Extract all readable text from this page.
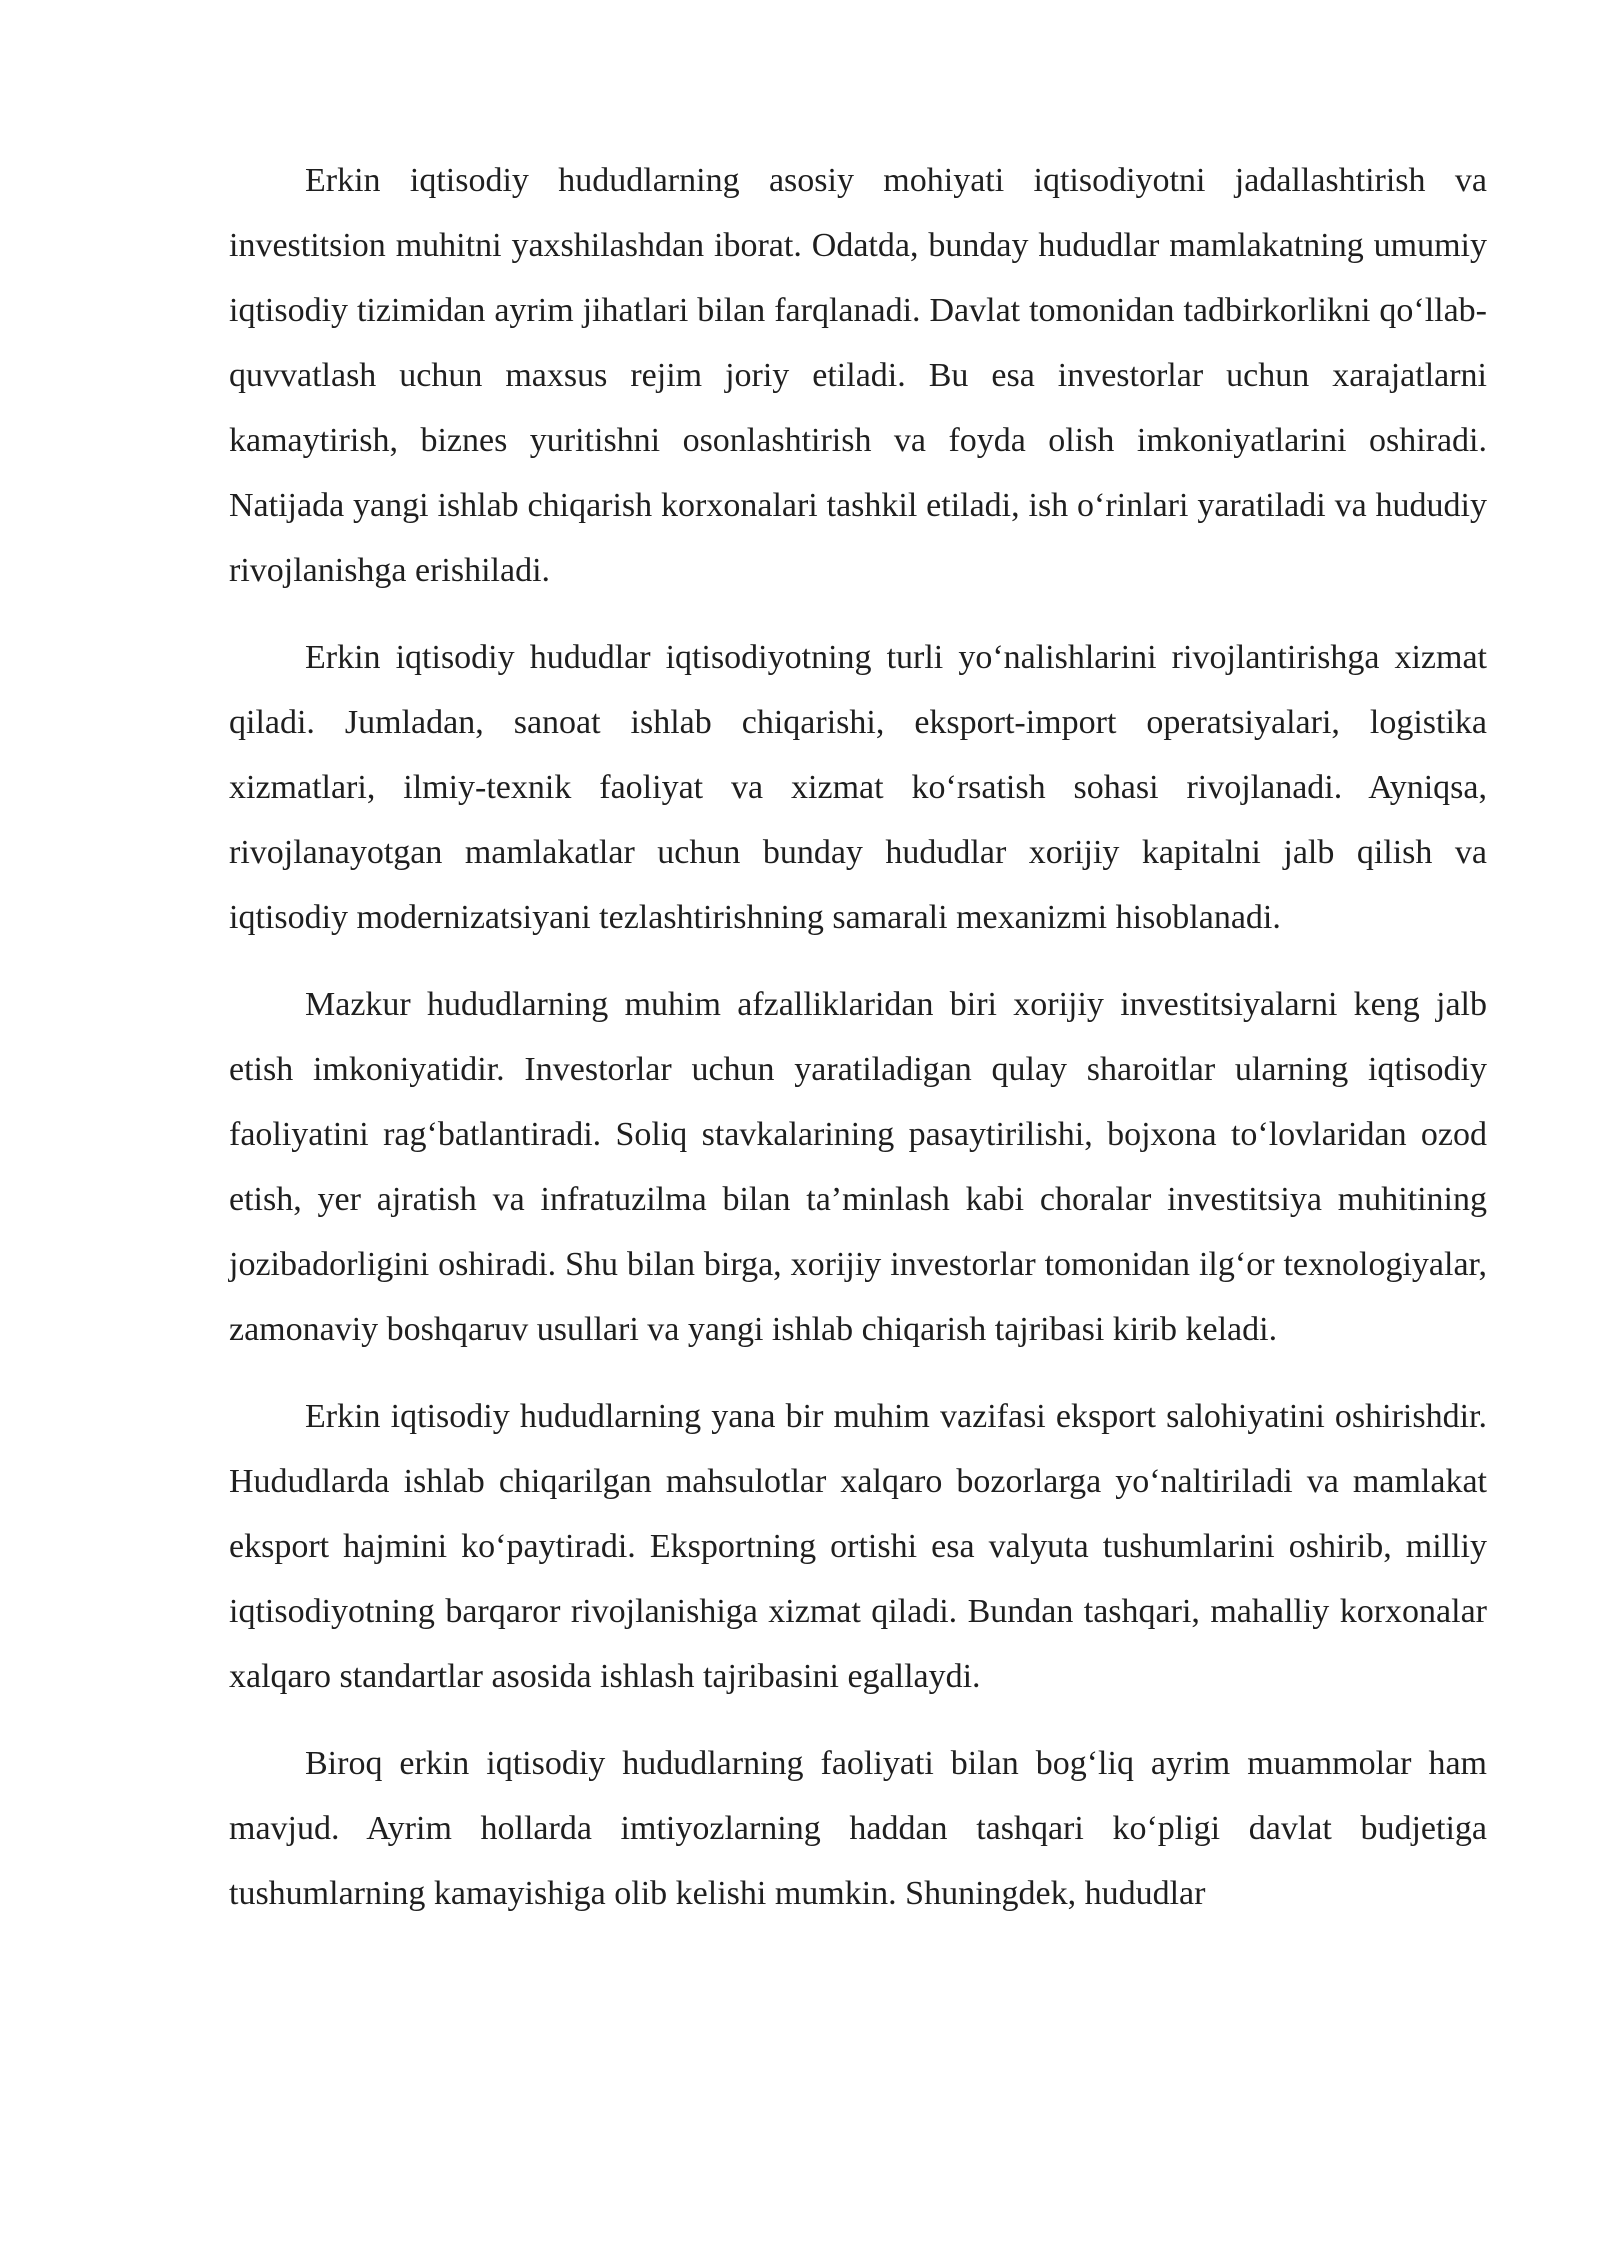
Erkin iqtisodiy hududlarning asosiy mohiyati iqtisodiyotni jadallashtirish va investitsion muhitni yaxshilashdan iborat. Odatda, bunday hududlar mamlakatning umumiy iqtisodiy tizimidan ayrim jihatlari bilan farqlanadi. Davlat tomonidan tadbirkorlikni qo‘llab-quvvatlash uchun maxsus rejim joriy etiladi. Bu esa investorlar uchun xarajatlarni kamaytirish, biznes yuritishni osonlashtirish va foyda olish imkoniyatlarini oshiradi. Natijada yangi ishlab chiqarish korxonalari tashkil etiladi, ish o‘rinlari yaratiladi va hududiy rivojlanishga erishiladi.

Erkin iqtisodiy hududlar iqtisodiyotning turli yo‘nalishlarini rivojlantirishga xizmat qiladi. Jumladan, sanoat ishlab chiqarishi, eksport-import operatsiyalari, logistika xizmatlari, ilmiy-texnik faoliyat va xizmat ko‘rsatish sohasi rivojlanadi. Ayniqsa, rivojlanayotgan mamlakatlar uchun bunday hududlar xorijiy kapitalni jalb qilish va iqtisodiy modernizatsiyani tezlashtirishning samarali mexanizmi hisoblanadi.

Mazkur hududlarning muhim afzalliklaridan biri xorijiy investitsiyalarni keng jalb etish imkoniyatidir. Investorlar uchun yaratiladigan qulay sharoitlar ularning iqtisodiy faoliyatini rag‘batlantiradi. Soliq stavkalarining pasaytirilishi, bojxona to‘lovlaridan ozod etish, yer ajratish va infratuzilma bilan ta’minlash kabi choralar investitsiya muhitining jozibadorligini oshiradi. Shu bilan birga, xorijiy investorlar tomonidan ilg‘or texnologiyalar, zamonaviy boshqaruv usullari va yangi ishlab chiqarish tajribasi kirib keladi.

Erkin iqtisodiy hududlarning yana bir muhim vazifasi eksport salohiyatini oshirishdir. Hududlarda ishlab chiqarilgan mahsulotlar xalqaro bozorlarga yo‘naltiriladi va mamlakat eksport hajmini ko‘paytiradi. Eksportning ortishi esa valyuta tushumlarini oshirib, milliy iqtisodiyotning barqaror rivojlanishiga xizmat qiladi. Bundan tashqari, mahalliy korxonalar xalqaro standartlar asosida ishlash tajribasini egallaydi.

Biroq erkin iqtisodiy hududlarning faoliyati bilan bog‘liq ayrim muammolar ham mavjud. Ayrim hollarda imtiyozlarning haddan tashqari ko‘pligi davlat budjetiga tushumlarning kamayishiga olib kelishi mumkin. Shuningdek, hududlar
